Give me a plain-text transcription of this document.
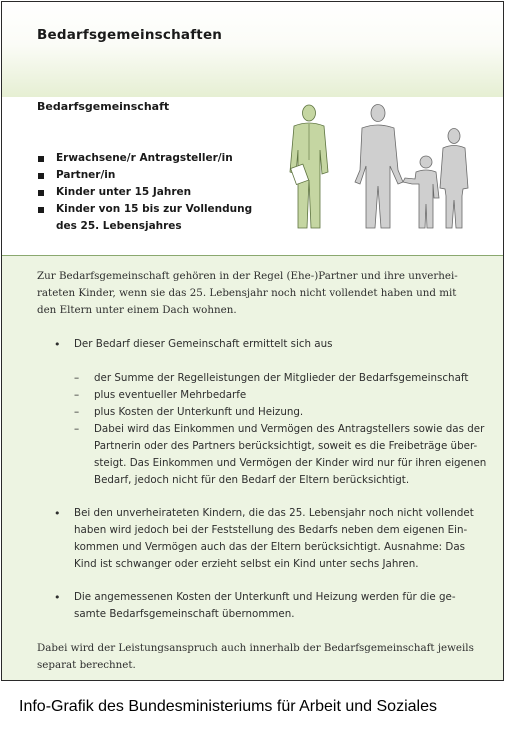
Bedarfsgemeinschaften
Bedarfsgemeinschaft
Erwachsene/r Antragsteller/in
Partner/in
Kinder unter 15 Jahren
Kinder von 15 bis zur Vollendung
des 25. Lebensjahres
Zur Bedarfsgemeinschaft gehören in der Regel (Ehe-)Partner und ihre unverhei-
rateten Kinder, wenn sie das 25. Lebensjahr noch nicht vollendet haben und mit
den Eltern unter einem Dach wohnen.
• Der Bedarf dieser Gemeinschaft ermittelt sich aus
– der Summe der Regelleistungen der Mitglieder der Bedarfsgemeinschaft
– plus eventueller Mehrbedarfe
– plus Kosten der Unterkunft und Heizung.
– Dabei wird das Einkommen und Vermögen des Antragstellers sowie das der
Partnerin oder des Partners berücksichtigt, soweit es die Freibeträge über-
steigt. Das Einkommen und Vermögen der Kinder wird nur für ihren eigenen
Bedarf, jedoch nicht für den Bedarf der Eltern berücksichtigt.
• Bei den unverheirateten Kindern, die das 25. Lebensjahr noch nicht vollendet
haben wird jedoch bei der Feststellung des Bedarfs neben dem eigenen Ein-
kommen und Vermögen auch das der Eltern berücksichtigt. Ausnahme: Das
Kind ist schwanger oder erzieht selbst ein Kind unter sechs Jahren.
• Die angemessenen Kosten der Unterkunft und Heizung werden für die ge-
samte Bedarfsgemeinschaft übernommen.
Dabei wird der Leistungsanspruch auch innerhalb der Bedarfsgemeinschaft jeweils
separat berechnet.
Info-Grafik des Bundesministeriums für Arbeit und Soziales
